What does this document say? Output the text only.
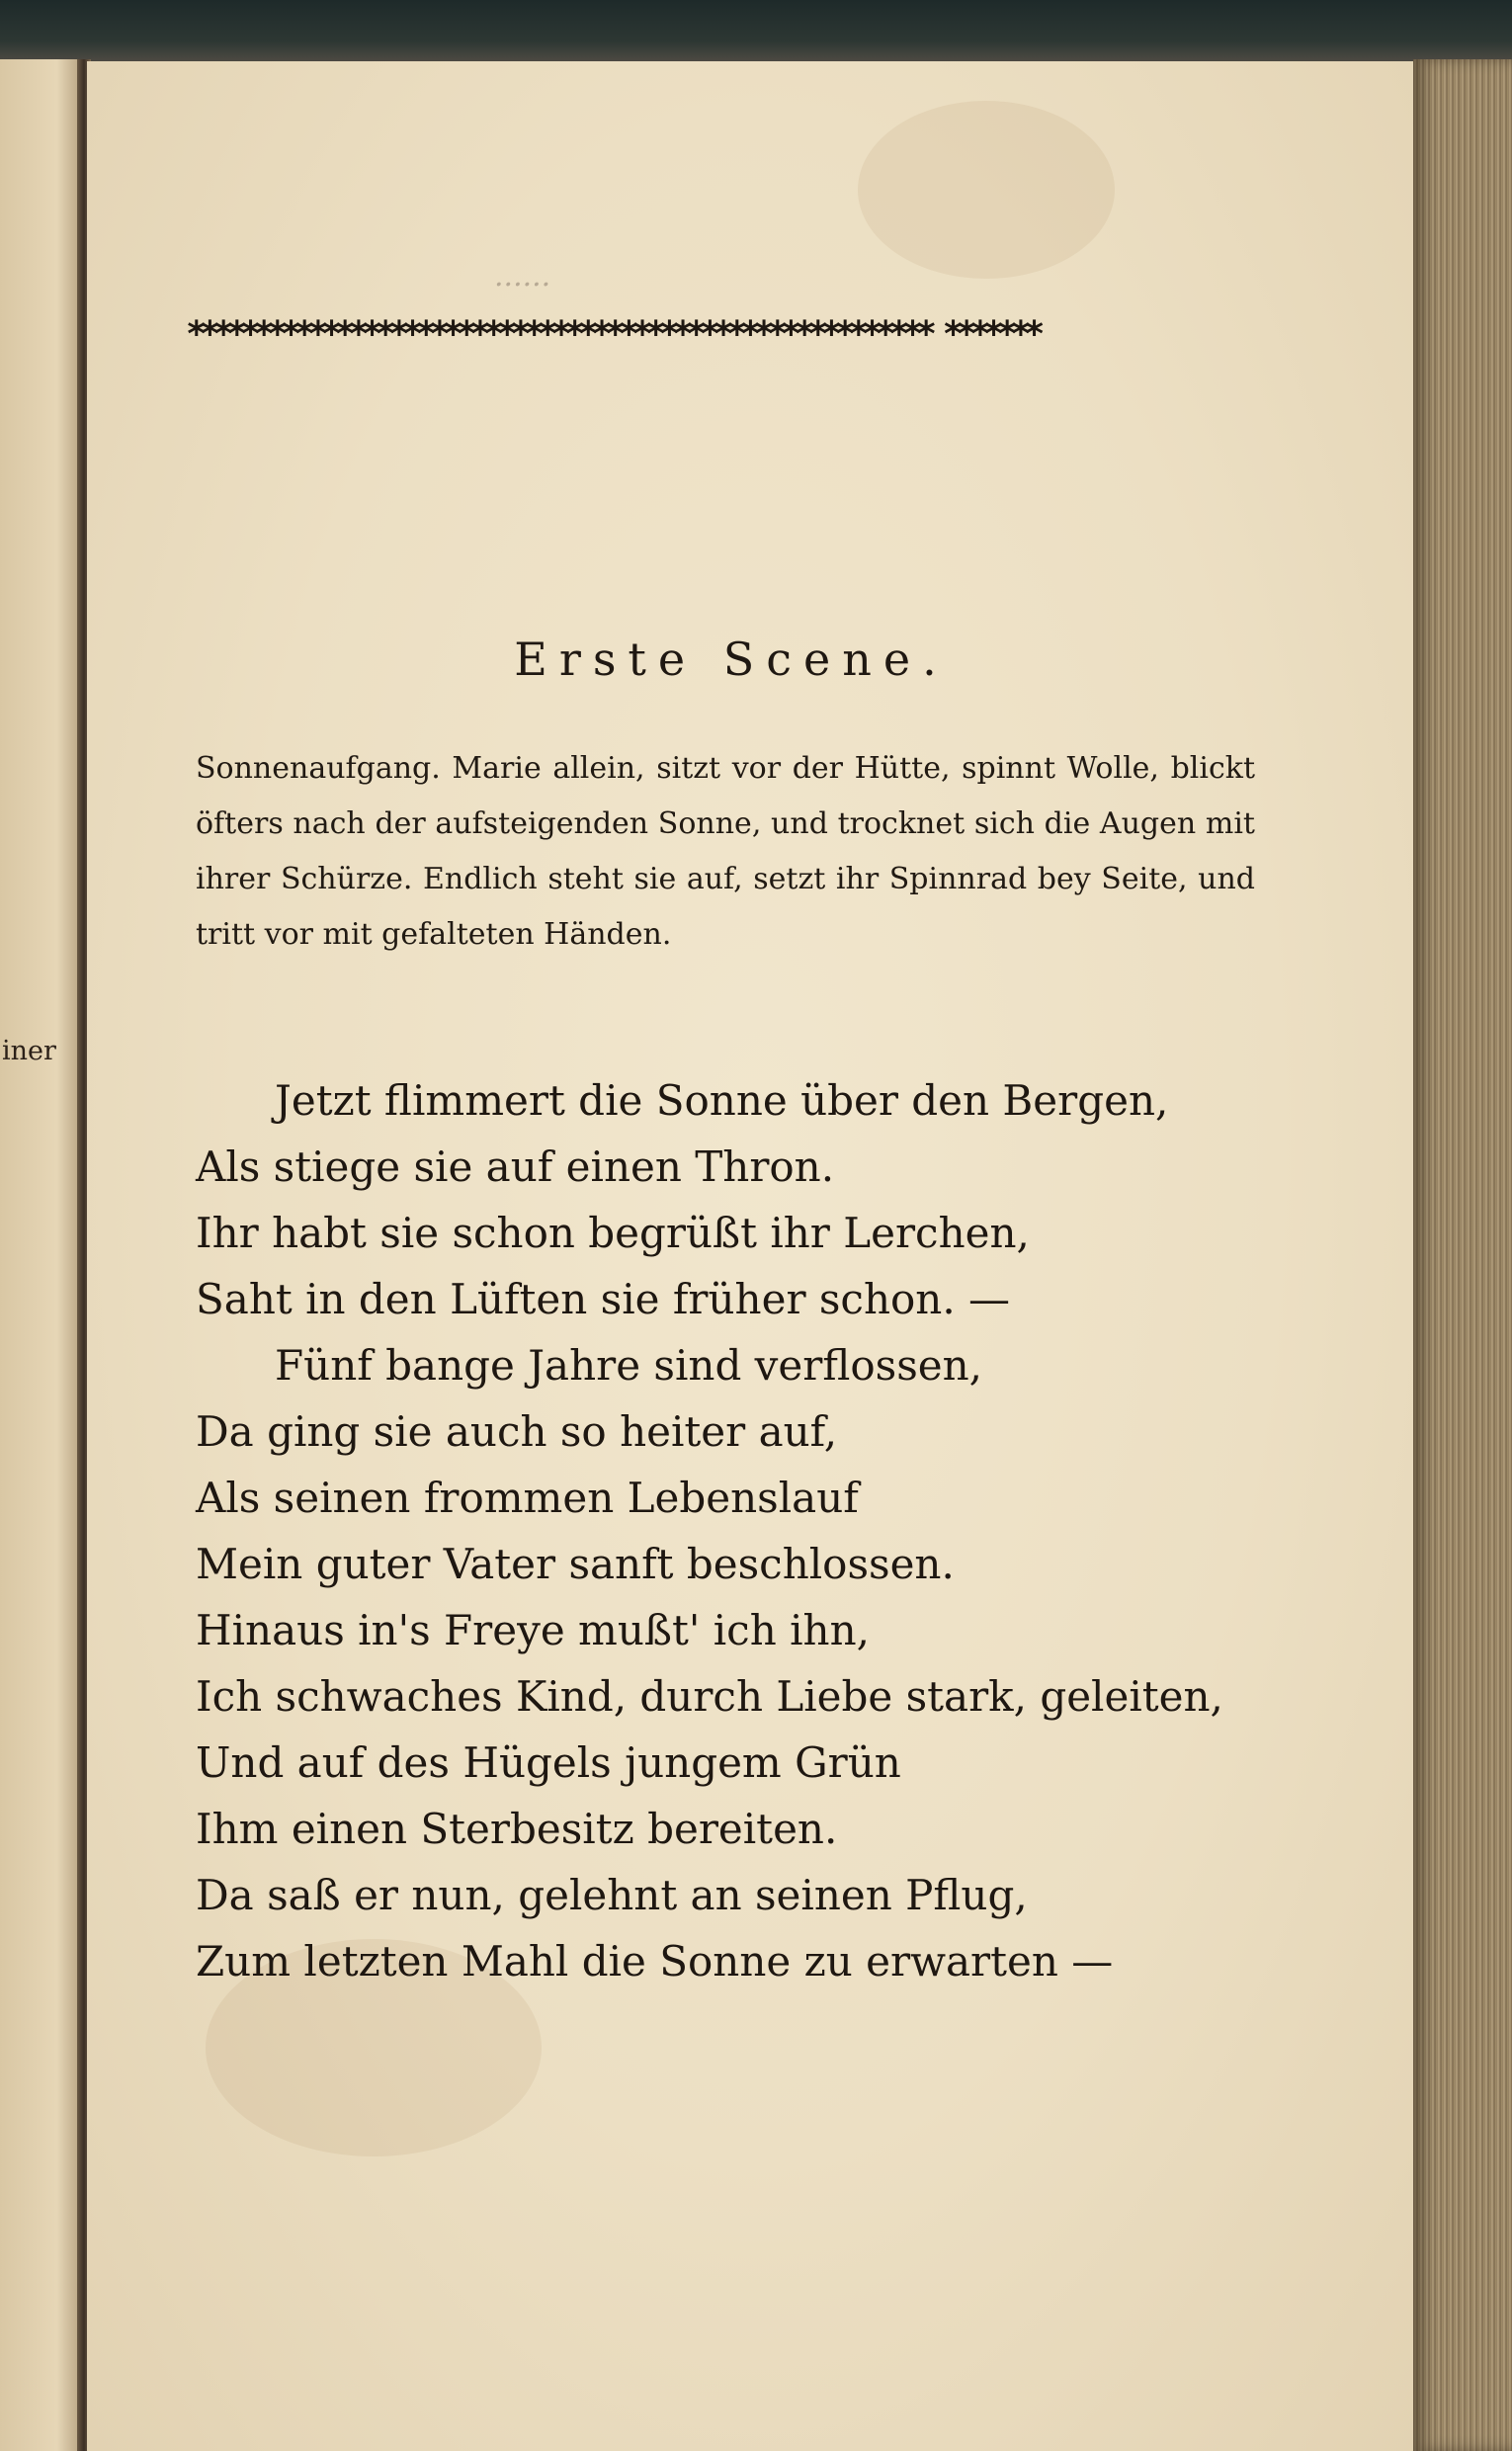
iner
......
******************************************************* *******
Erste Scene.
Sonnenaufgang. Marie allein, sitzt vor der Hütte, spinnt Wolle, blickt öfters nach der aufsteigenden Sonne, und trocknet sich die Augen mit ihrer Schürze. Endlich steht sie auf, setzt ihr Spinnrad bey Seite, und tritt vor mit gefalteten Händen.
Jetzt flimmert die Sonne über den Bergen,
Als stiege sie auf einen Thron.
Ihr habt sie schon begrüßt ihr Lerchen,
Saht in den Lüften sie früher schon. —
Fünf bange Jahre sind verflossen,
Da ging sie auch so heiter auf,
Als seinen frommen Lebenslauf
Mein guter Vater sanft beschlossen.
Hinaus in's Freye mußt' ich ihn,
Ich schwaches Kind, durch Liebe stark, geleiten,
Und auf des Hügels jungem Grün
Ihm einen Sterbesitz bereiten.
Da saß er nun, gelehnt an seinen Pflug,
Zum letzten Mahl die Sonne zu erwarten —
